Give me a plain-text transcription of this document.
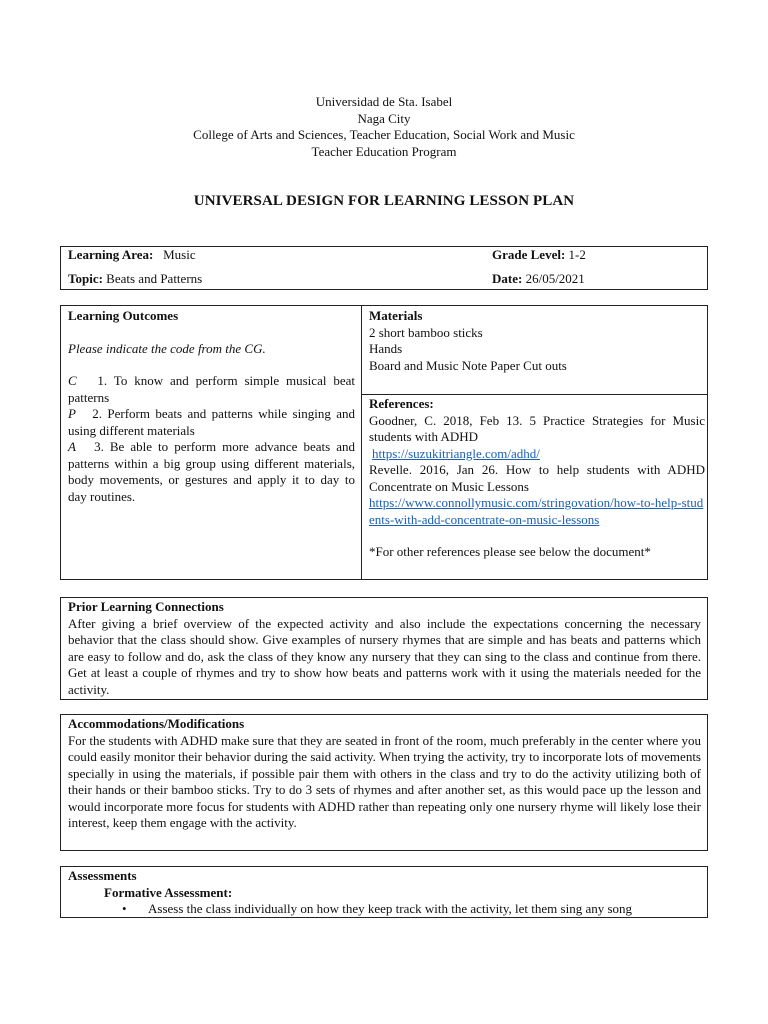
Universidad de Sta. Isabel
Naga City
College of Arts and Sciences, Teacher Education, Social Work and Music
Teacher Education Program
UNIVERSAL DESIGN FOR LEARNING LESSON PLAN
Learning Area: Music	Grade Level: 1-2
Topic: Beats and Patterns	Date: 26/05/2021
Learning Outcomes
Please indicate the code from the CG.
C 1. To know and perform simple musical beat patterns
P 2. Perform beats and patterns while singing and using different materials
A 3. Be able to perform more advance beats and patterns within a big group using different materials, body movements, or gestures and apply it to day to day routines.
Materials
2 short bamboo sticks
Hands
Board and Music Note Paper Cut outs
References:
Goodner, C. 2018, Feb 13. 5 Practice Strategies for Music students with ADHD
https://suzukitriangle.com/adhd/
Revelle. 2016, Jan 26. How to help students with ADHD Concentrate on Music Lessons
https://www.connollymusic.com/stringovation/how-to-help-students-with-add-concentrate-on-music-lessons
*For other references please see below the document*
Prior Learning Connections
After giving a brief overview of the expected activity and also include the expectations concerning the necessary behavior that the class should show. Give examples of nursery rhymes that are simple and has beats and patterns which are easy to follow and do, ask the class of they know any nursery that they can sing to the class and continue from there. Get at least a couple of rhymes and try to show how beats and patterns work with it using the materials needed for the activity.
Accommodations/Modifications
For the students with ADHD make sure that they are seated in front of the room, much preferably in the center where you could easily monitor their behavior during the said activity. When trying the activity, try to incorporate lots of movements specially in using the materials, if possible pair them with others in the class and try to do the activity utilizing both of their hands or their bamboo sticks. Try to do 3 sets of rhymes and after another set, as this would pace up the lesson and would incorporate more focus for students with ADHD rather than repeating only one nursery rhyme will likely lose their interest, keep them engage with the activity.
Assessments
Formative Assessment:
•	Assess the class individually on how they keep track with the activity, let them sing any song
